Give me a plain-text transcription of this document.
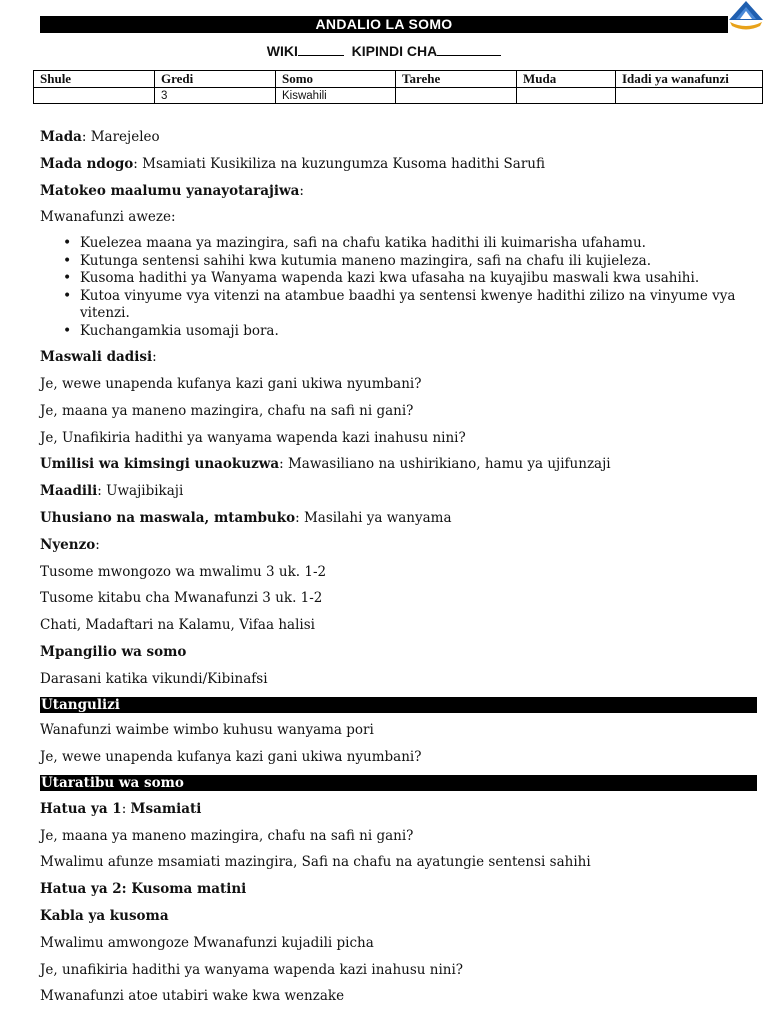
ANDALIO LA SOMO
WIKI	KIPINDI CHA
Shule	Gredi	Somo	Tarehe	Muda	Idadi ya wanafunzi
	3	Kiswahili			

Mada: Marejeleo

Mada ndogo: Msamiati Kusikiliza na kuzungumza Kusoma hadithi Sarufi

Matokeo maalumu yanayotarajiwa:

Mwanafunzi aweze:

• Kuelezea maana ya mazingira, safi na chafu katika hadithi ili kuimarisha ufahamu.
• Kutunga sentensi sahihi kwa kutumia maneno mazingira, safi na chafu ili kujieleza.
• Kusoma hadithi ya Wanyama wapenda kazi kwa ufasaha na kuyajibu maswali kwa usahihi.
• Kutoa vinyume vya vitenzi na atambue baadhi ya sentensi kwenye hadithi zilizo na vinyume vya vitenzi.
• Kuchangamkia usomaji bora.

Maswali dadisi:

Je, wewe unapenda kufanya kazi gani ukiwa nyumbani?

Je, maana ya maneno mazingira, chafu na safi ni gani?

Je, Unafikiria hadithi ya wanyama wapenda kazi inahusu nini?

Umilisi wa kimsingi unaokuzwa: Mawasiliano na ushirikiano, hamu ya ujifunzaji

Maadili: Uwajibikaji

Uhusiano na maswala, mtambuko: Masilahi ya wanyama

Nyenzo:

Tusome mwongozo wa mwalimu 3 uk. 1-2

Tusome kitabu cha Mwanafunzi 3 uk. 1-2

Chati, Madaftari na Kalamu, Vifaa halisi

Mpangilio wa somo

Darasani katika vikundi/Kibinafsi

Utangulizi

Wanafunzi waimbe wimbo kuhusu wanyama pori

Je, wewe unapenda kufanya kazi gani ukiwa nyumbani?

Utaratibu wa somo

Hatua ya 1: Msamiati

Je, maana ya maneno mazingira, chafu na safi ni gani?

Mwalimu afunze msamiati mazingira, Safi na chafu na ayatungie sentensi sahihi

Hatua ya 2: Kusoma matini

Kabla ya kusoma

Mwalimu amwongoze Mwanafunzi kujadili picha

Je, unafikiria hadithi ya wanyama wapenda kazi inahusu nini?

Mwanafunzi atoe utabiri wake kwa wenzake
